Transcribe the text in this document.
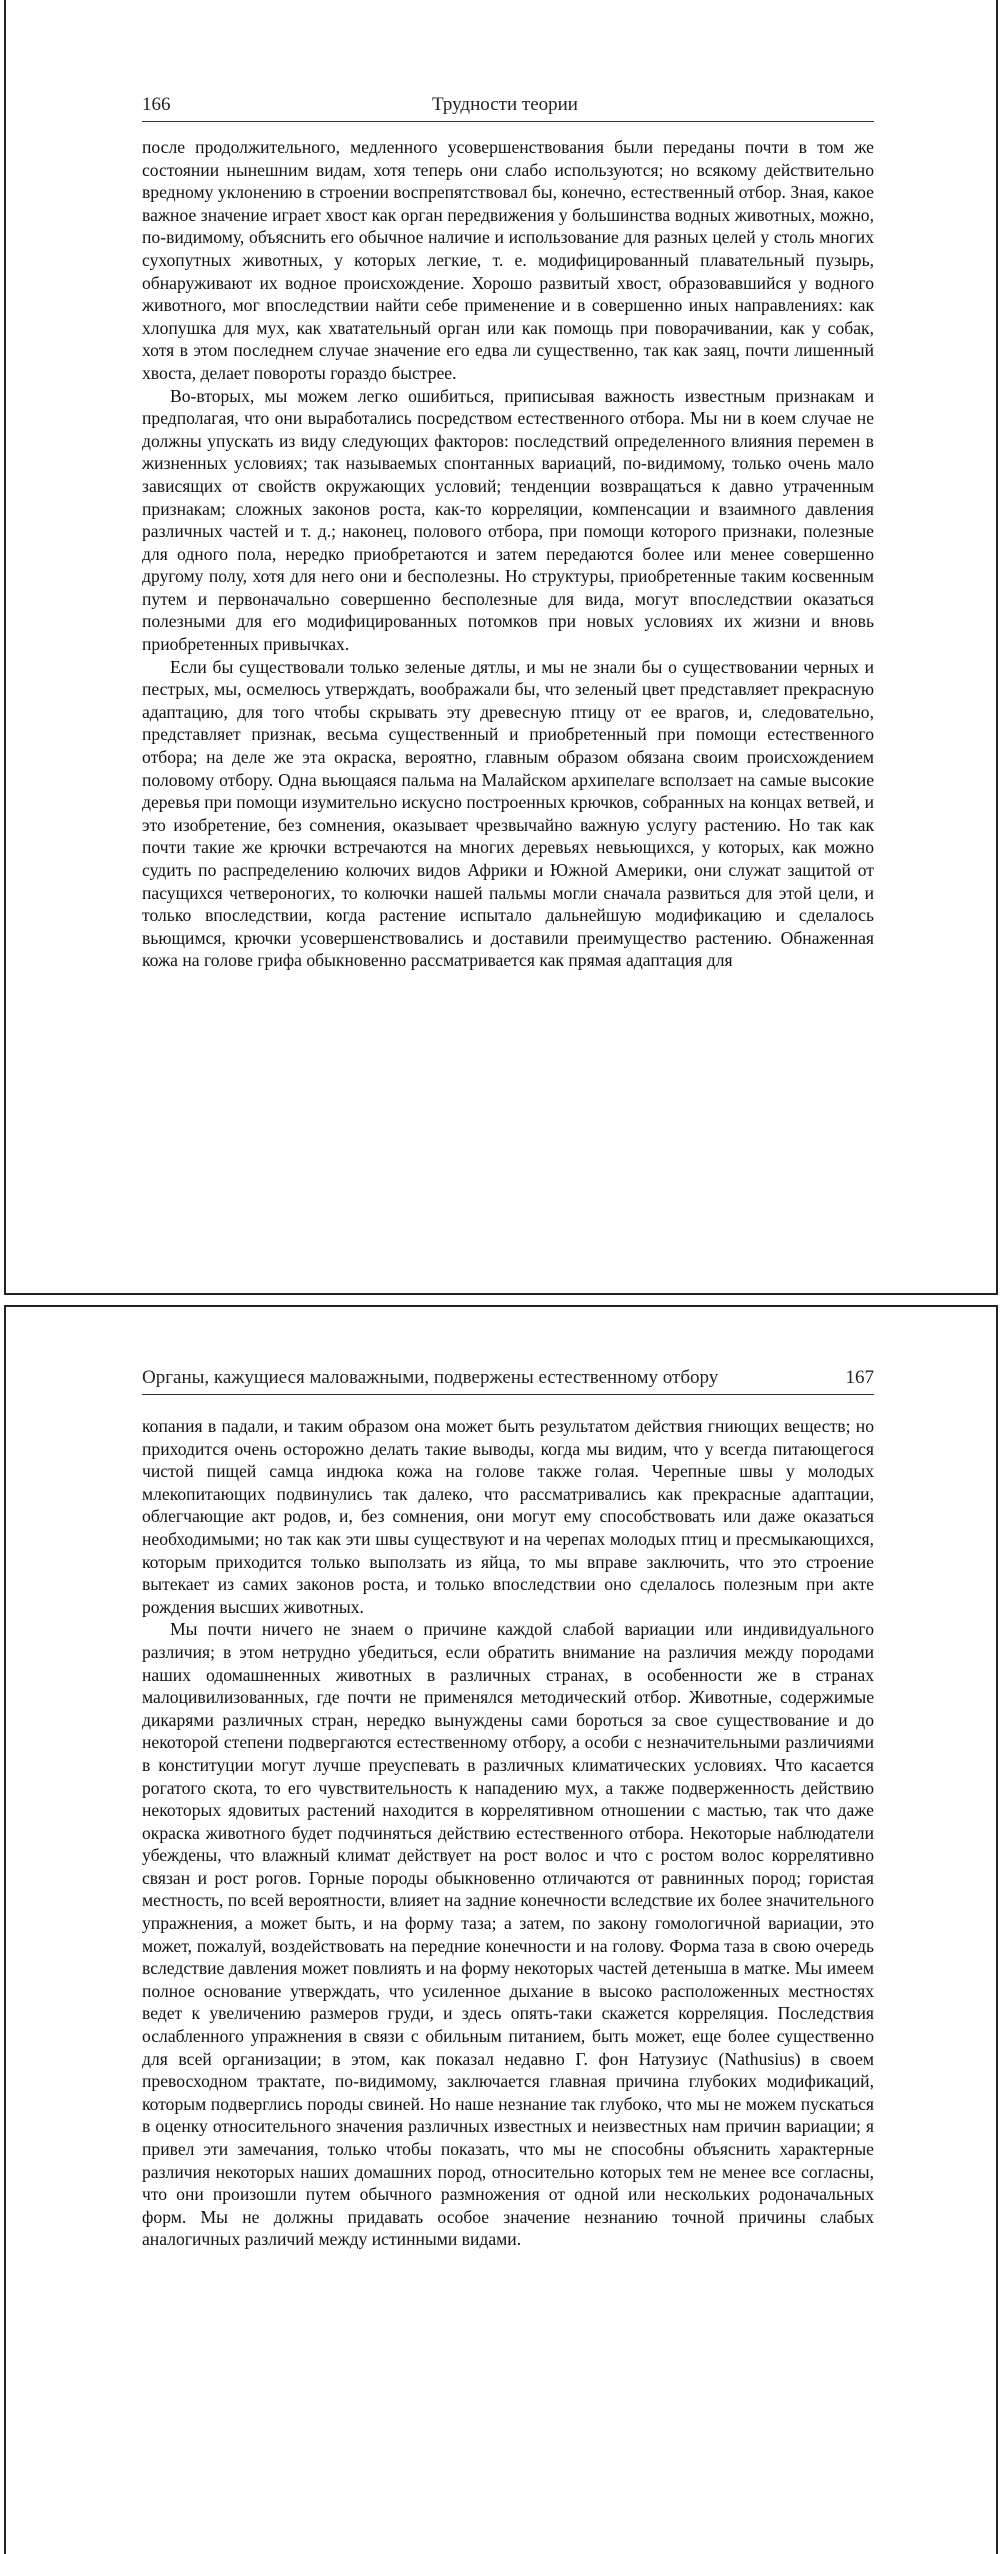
166	Трудности теории

после продолжительного, медленного усовершенствования были переданы почти в том же состоянии нынешним видам, хотя теперь они слабо используются; но всякому действительно вредному уклонению в строении воспрепятствовал бы, конечно, естественный отбор. Зная, какое важное значение играет хвост как орган передвижения у большинства водных животных, можно, по-видимому, объяснить его обычное наличие и использование для разных целей у столь многих сухопутных животных, у которых легкие, т. е. модифицированный плавательный пузырь, обнаруживают их водное происхождение. Хорошо развитый хвост, образовавшийся у водного животного, мог впоследствии найти себе применение и в совершенно иных направлениях: как хлопушка для мух, как хватательный орган или как помощь при поворачивании, как у собак, хотя в этом последнем случае значение его едва ли существенно, так как заяц, почти лишенный хвоста, делает повороты гораздо быстрее.

Во-вторых, мы можем легко ошибиться, приписывая важность известным признакам и предполагая, что они выработались посредством естественного отбора. Мы ни в коем случае не должны упускать из виду следующих факторов: последствий определенного влияния перемен в жизненных условиях; так называемых спонтанных вариаций, по-видимому, только очень мало зависящих от свойств окружающих условий; тенденции возвращаться к давно утраченным признакам; сложных законов роста, как-то корреляции, компенсации и взаимного давления различных частей и т. д.; наконец, полового отбора, при помощи которого признаки, полезные для одного пола, нередко приобретаются и затем передаются более или менее совершенно другому полу, хотя для него они и бесполезны. Но структуры, приобретенные таким косвенным путем и первоначально совершенно бесполезные для вида, могут впоследствии оказаться полезными для его модифицированных потомков при новых условиях их жизни и вновь приобретенных привычках.

Если бы существовали только зеленые дятлы, и мы не знали бы о существовании черных и пестрых, мы, осмелюсь утверждать, воображали бы, что зеленый цвет представляет прекрасную адаптацию, для того чтобы скрывать эту древесную птицу от ее врагов, и, следовательно, представляет признак, весьма существенный и приобретенный при помощи естественного отбора; на деле же эта окраска, вероятно, главным образом обязана своим происхождением половому отбору. Одна вьющаяся пальма на Малайском архипелаге всползает на самые высокие деревья при помощи изумительно искусно построенных крючков, собранных на концах ветвей, и это изобретение, без сомнения, оказывает чрезвычайно важную услугу растению. Но так как почти такие же крючки встречаются на многих деревьях невьющихся, у которых, как можно судить по распределению колючих видов Африки и Южной Америки, они служат защитой от пасущихся четвероногих, то колючки нашей пальмы могли сначала развиться для этой цели, и только впоследствии, когда растение испытало дальнейшую модификацию и сделалось вьющимся, крючки усовершенствовались и доставили преимущество растению. Обнаженная кожа на голове грифа обыкновенно рассматривается как прямая адаптация для

Органы, кажущиеся маловажными, подвержены естественному отбору	167

копания в падали, и таким образом она может быть результатом действия гниющих веществ; но приходится очень осторожно делать такие выводы, когда мы видим, что у всегда питающегося чистой пищей самца индюка кожа на голове также голая. Черепные швы у молодых млекопитающих подвинулись так далеко, что рассматривались как прекрасные адаптации, облегчающие акт родов, и, без сомнения, они могут ему способствовать или даже оказаться необходимыми; но так как эти швы существуют и на черепах молодых птиц и пресмыкающихся, которым приходится только выползать из яйца, то мы вправе заключить, что это строение вытекает из самих законов роста, и только впоследствии оно сделалось полезным при акте рождения высших животных.

Мы почти ничего не знаем о причине каждой слабой вариации или индивидуального различия; в этом нетрудно убедиться, если обратить внимание на различия между породами наших одомашненных животных в различных странах, в особенности же в странах малоцивилизованных, где почти не применялся методический отбор. Животные, содержимые дикарями различных стран, нередко вынуждены сами бороться за свое существование и до некоторой степени подвергаются естественному отбору, а особи с незначительными различиями в конституции могут лучше преуспевать в различных климатических условиях. Что касается рогатого скота, то его чувствительность к нападению мух, а также подверженность действию некоторых ядовитых растений находится в коррелятивном отношении с мастью, так что даже окраска животного будет подчиняться действию естественного отбора. Некоторые наблюдатели убеждены, что влажный климат действует на рост волос и что с ростом волос коррелятивно связан и рост рогов. Горные породы обыкновенно отличаются от равнинных пород; гористая местность, по всей вероятности, влияет на задние конечности вследствие их более значительного упражнения, а может быть, и на форму таза; а затем, по закону гомологичной вариации, это может, пожалуй, воздействовать на передние конечности и на голову. Форма таза в свою очередь вследствие давления может повлиять и на форму некоторых частей детеныша в матке. Мы имеем полное основание утверждать, что усиленное дыхание в высоко расположенных местностях ведет к увеличению размеров груди, и здесь опять-таки скажется корреляция. Последствия ослабленного упражнения в связи с обильным питанием, быть может, еще более существенно для всей организации; в этом, как показал недавно Г. фон Натузиус (Nathusius) в своем превосходном трактате, по-видимому, заключается главная причина глубоких модификаций, которым подверглись породы свиней. Но наше незнание так глубоко, что мы не можем пускаться в оценку относительного значения различных известных и неизвестных нам причин вариации; я привел эти замечания, только чтобы показать, что мы не способны объяснить характерные различия некоторых наших домашних пород, относительно которых тем не менее все согласны, что они произошли путем обычного размножения от одной или нескольких родоначальных форм. Мы не должны придавать особое значение незнанию точной причины слабых аналогичных различий между истинными видами.
